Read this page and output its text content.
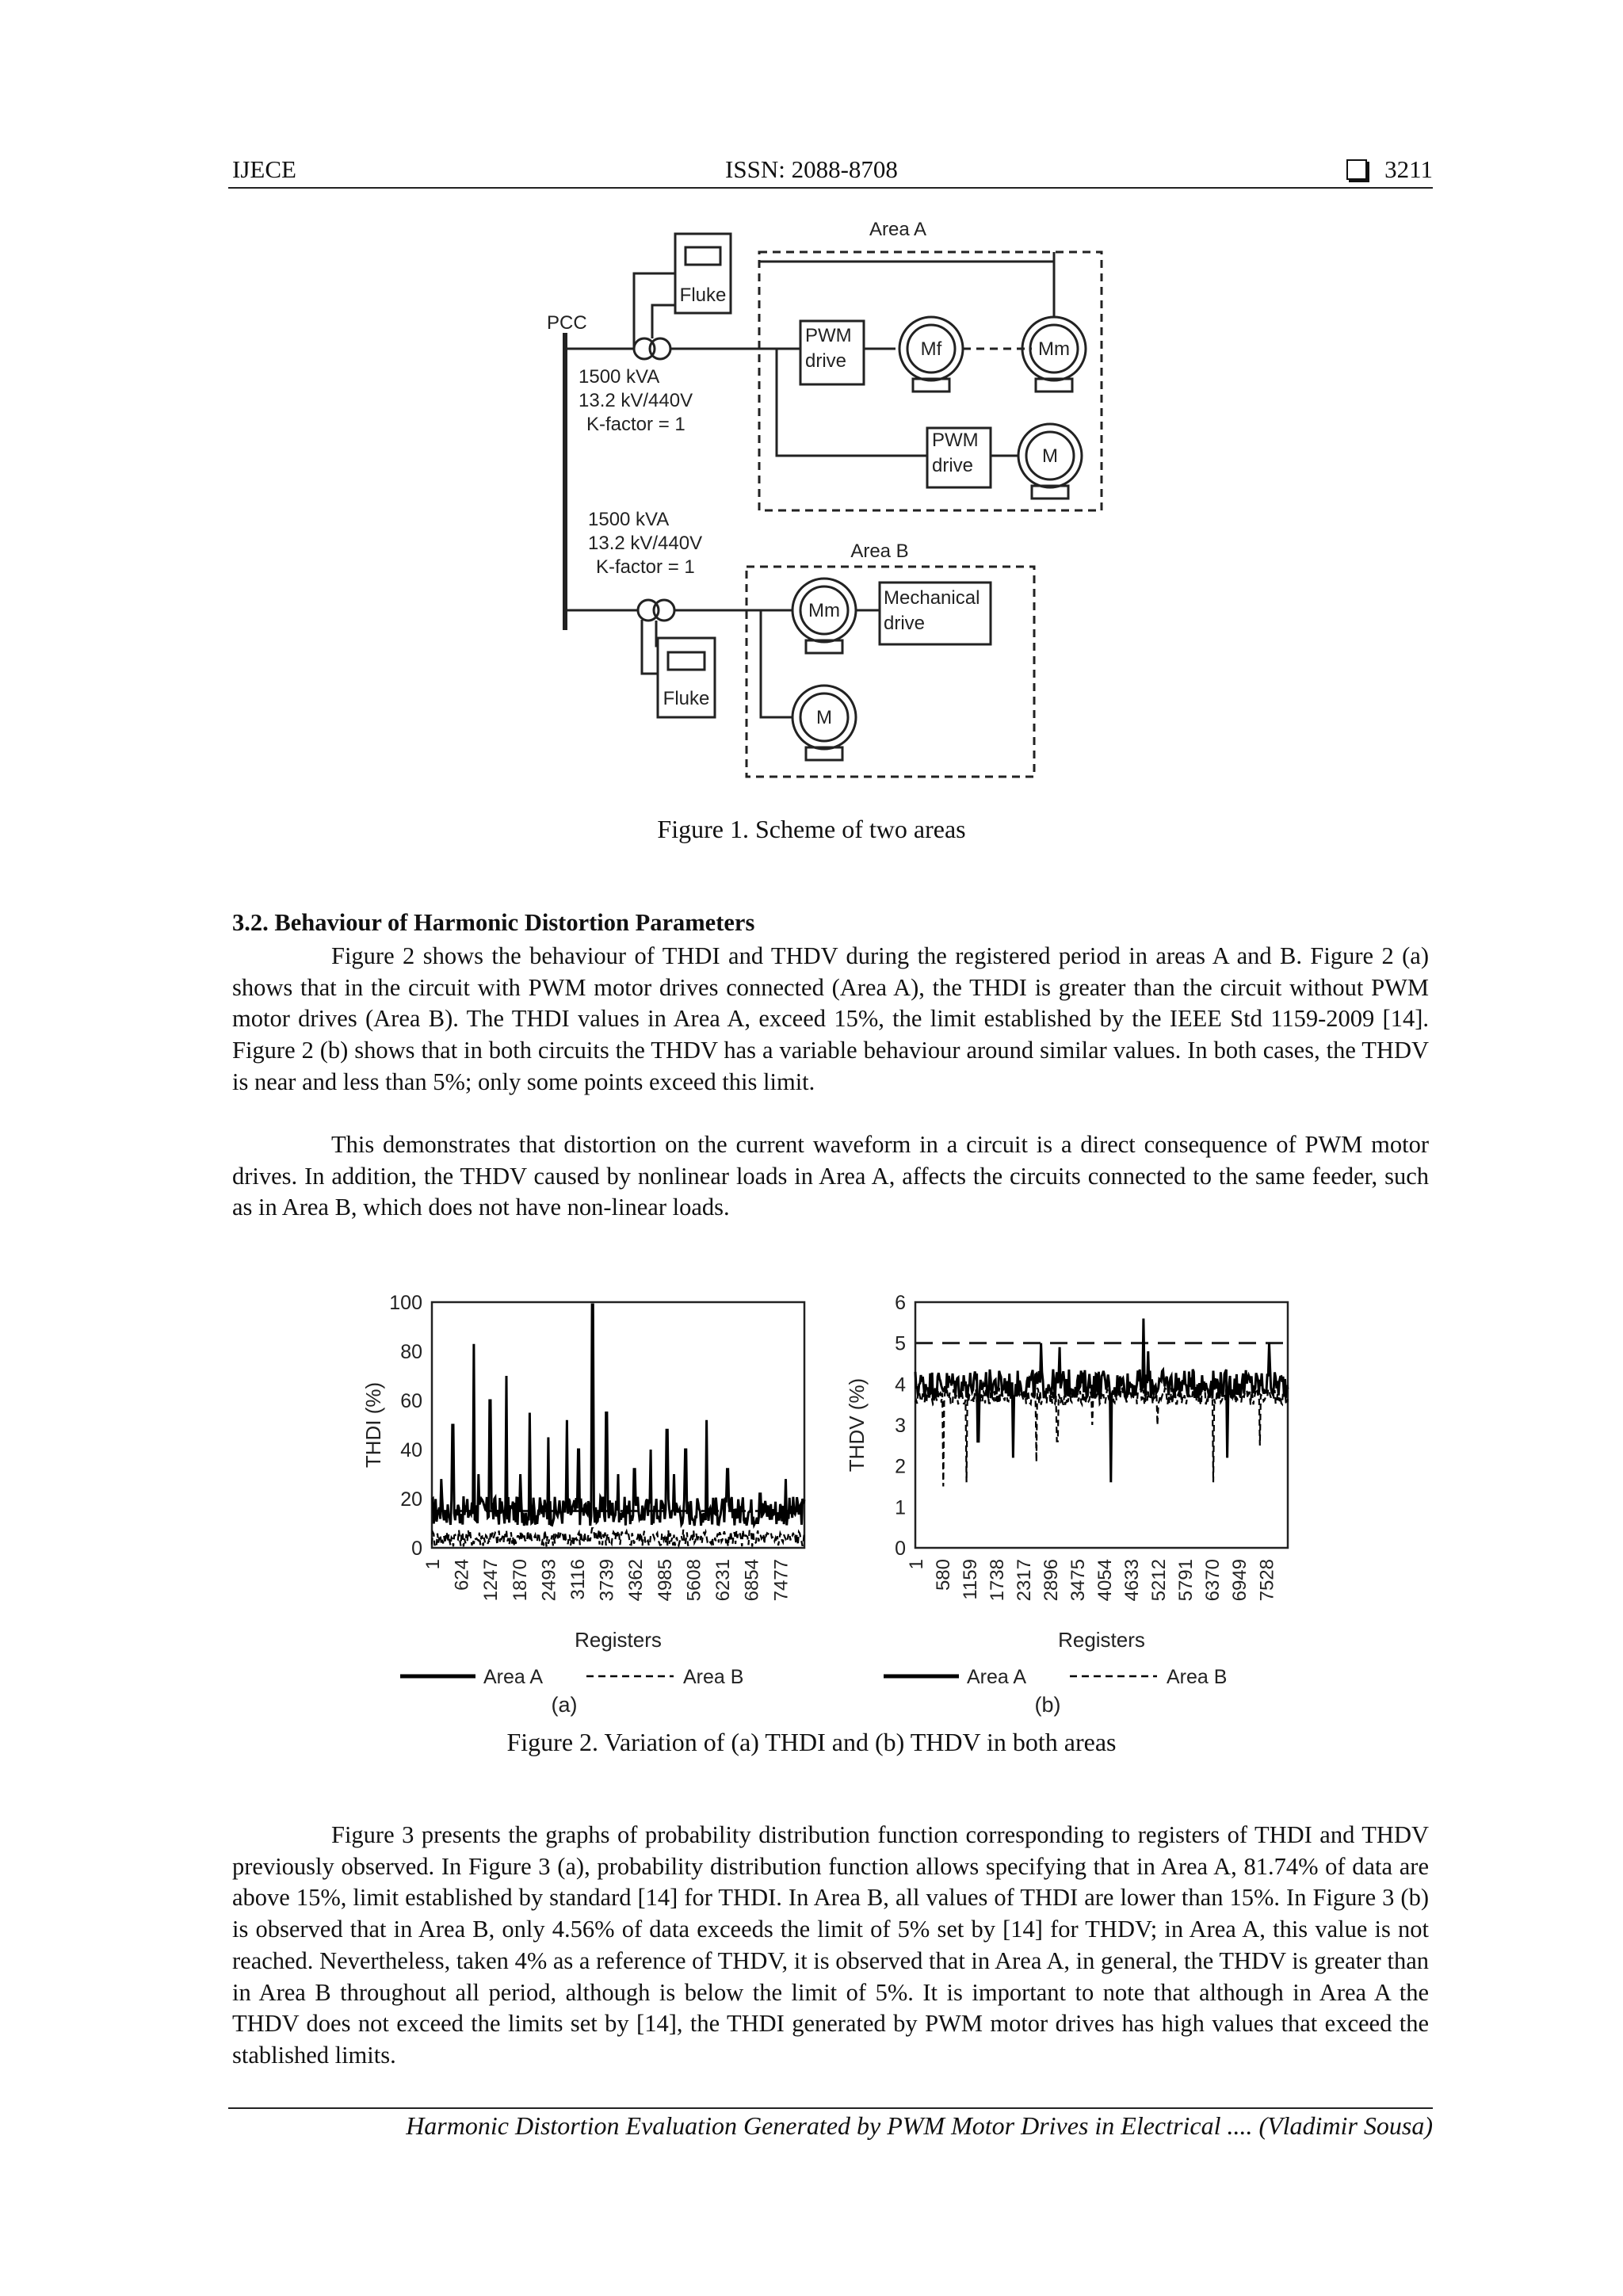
IJECE	ISSN: 2088-8708	3211
Area A
PCC
Fluke
1500 kVA
13.2 kV/440V
K-factor = 1
PWM
drive
Mf	Mm
PWM
drive	M
1500 kVA
13.2 kV/440V
K-factor = 1
Area B
Mm
Mechanical
drive
Fluke
M
Figure 1. Scheme of two areas
3.2. Behaviour of Harmonic Distortion Parameters

Figure 2 shows the behaviour of THDI and THDV during the registered period in areas A and B. Figure 2 (a) shows that in the circuit with PWM motor drives connected (Area A), the THDI is greater than the circuit without PWM motor drives (Area B). The THDI values in Area A, exceed 15%, the limit established by the IEEE Std 1159-2009 [14]. Figure 2 (b) shows that in both circuits the THDV has a variable behaviour around similar values. In both cases, the THDV is near and less than 5%; only some points exceed this limit.

This demonstrates that distortion on the current waveform in a circuit is a direct consequence of PWM motor drives. In addition, the THDV caused by nonlinear loads in Area A, affects the circuits connected to the same feeder, such as in Area B, which does not have non-linear loads.

0
20
40
60
80
100
1 624 1247 1870 2493 3116 3739 4362 4985 5608 6231 6854 7477
THDI (%)
Registers
Area A	Area B
(a)
0
1
2
3
4
5
6
1 580 1159 1738 2317 2896 3475 4054 4633 5212 5791 6370 6949 7528
THDV (%)
Registers
Area A	Area B
(b)
Figure 2. Variation of (a) THDI and (b) THDV in both areas

Figure 3 presents the graphs of probability distribution function corresponding to registers of THDI and THDV previously observed. In Figure 3 (a), probability distribution function allows specifying that in Area A, 81.74% of data are above 15%, limit established by standard [14] for THDI. In Area B, all values of THDI are lower than 15%. In Figure 3 (b) is observed that in Area B, only 4.56% of data exceeds the limit of 5% set by [14] for THDV; in Area A, this value is not reached. Nevertheless, taken 4% as a reference of THDV, it is observed that in Area A, in general, the THDV is greater than in Area B throughout all period, although is below the limit of 5%. It is important to note that although in Area A the THDV does not exceed the limits set by [14], the THDI generated by PWM motor drives has high values that exceed the stablished limits.

Harmonic Distortion Evaluation Generated by PWM Motor Drives in Electrical .... (Vladimir Sousa)
